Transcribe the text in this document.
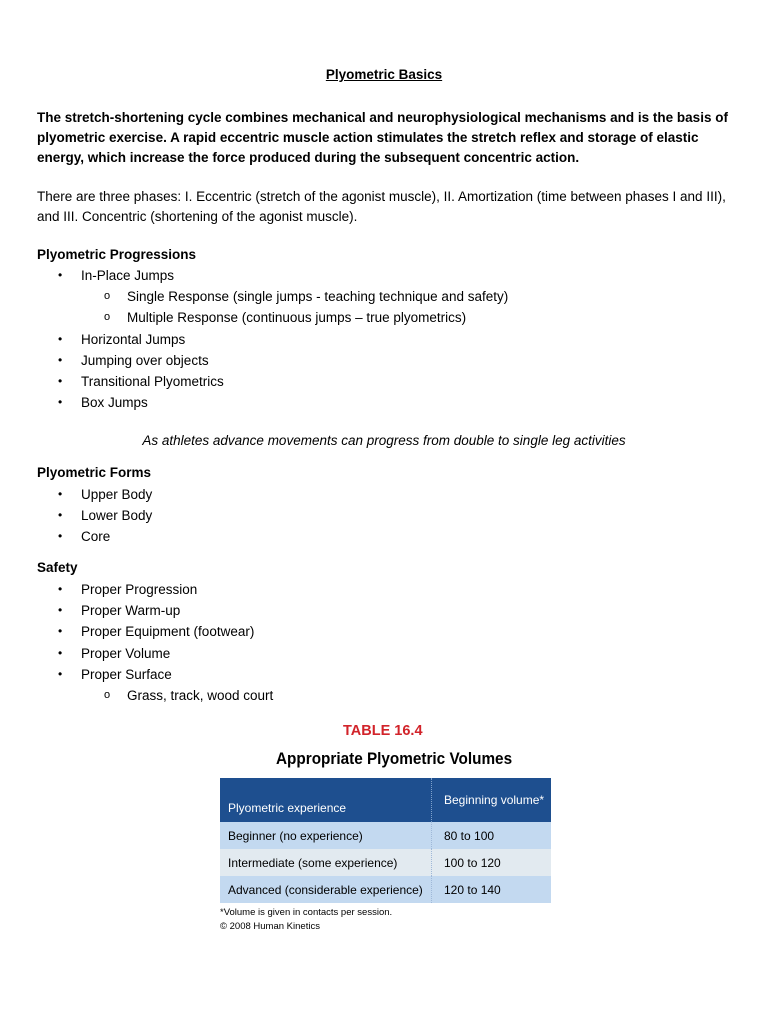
Plyometric Basics

The stretch-shortening cycle combines mechanical and neurophysiological mechanisms and is the basis of plyometric exercise. A rapid eccentric muscle action stimulates the stretch reflex and storage of elastic energy, which increase the force produced during the subsequent concentric action.

There are three phases: I. Eccentric (stretch of the agonist muscle), II. Amortization (time between phases I and III), and III. Concentric (shortening of the agonist muscle).

Plyometric Progressions

• In-Place Jumps
o Single Response (single jumps - teaching technique and safety)
o Multiple Response (continuous jumps – true plyometrics)
• Horizontal Jumps
• Jumping over objects
• Transitional Plyometrics
• Box Jumps

As athletes advance movements can progress from double to single leg activities

Plyometric Forms

• Upper Body
• Lower Body
• Core

Safety

• Proper Progression
• Proper Warm-up
• Proper Equipment (footwear)
• Proper Volume
• Proper Surface
o Grass, track, wood court

TABLE 16.4

Appropriate Plyometric Volumes

Plyometric experience	Beginning volume*
Beginner (no experience)	80 to 100
Intermediate (some experience)	100 to 120
Advanced (considerable experience)	120 to 140

*Volume is given in contacts per session.

© 2008 Human Kinetics
